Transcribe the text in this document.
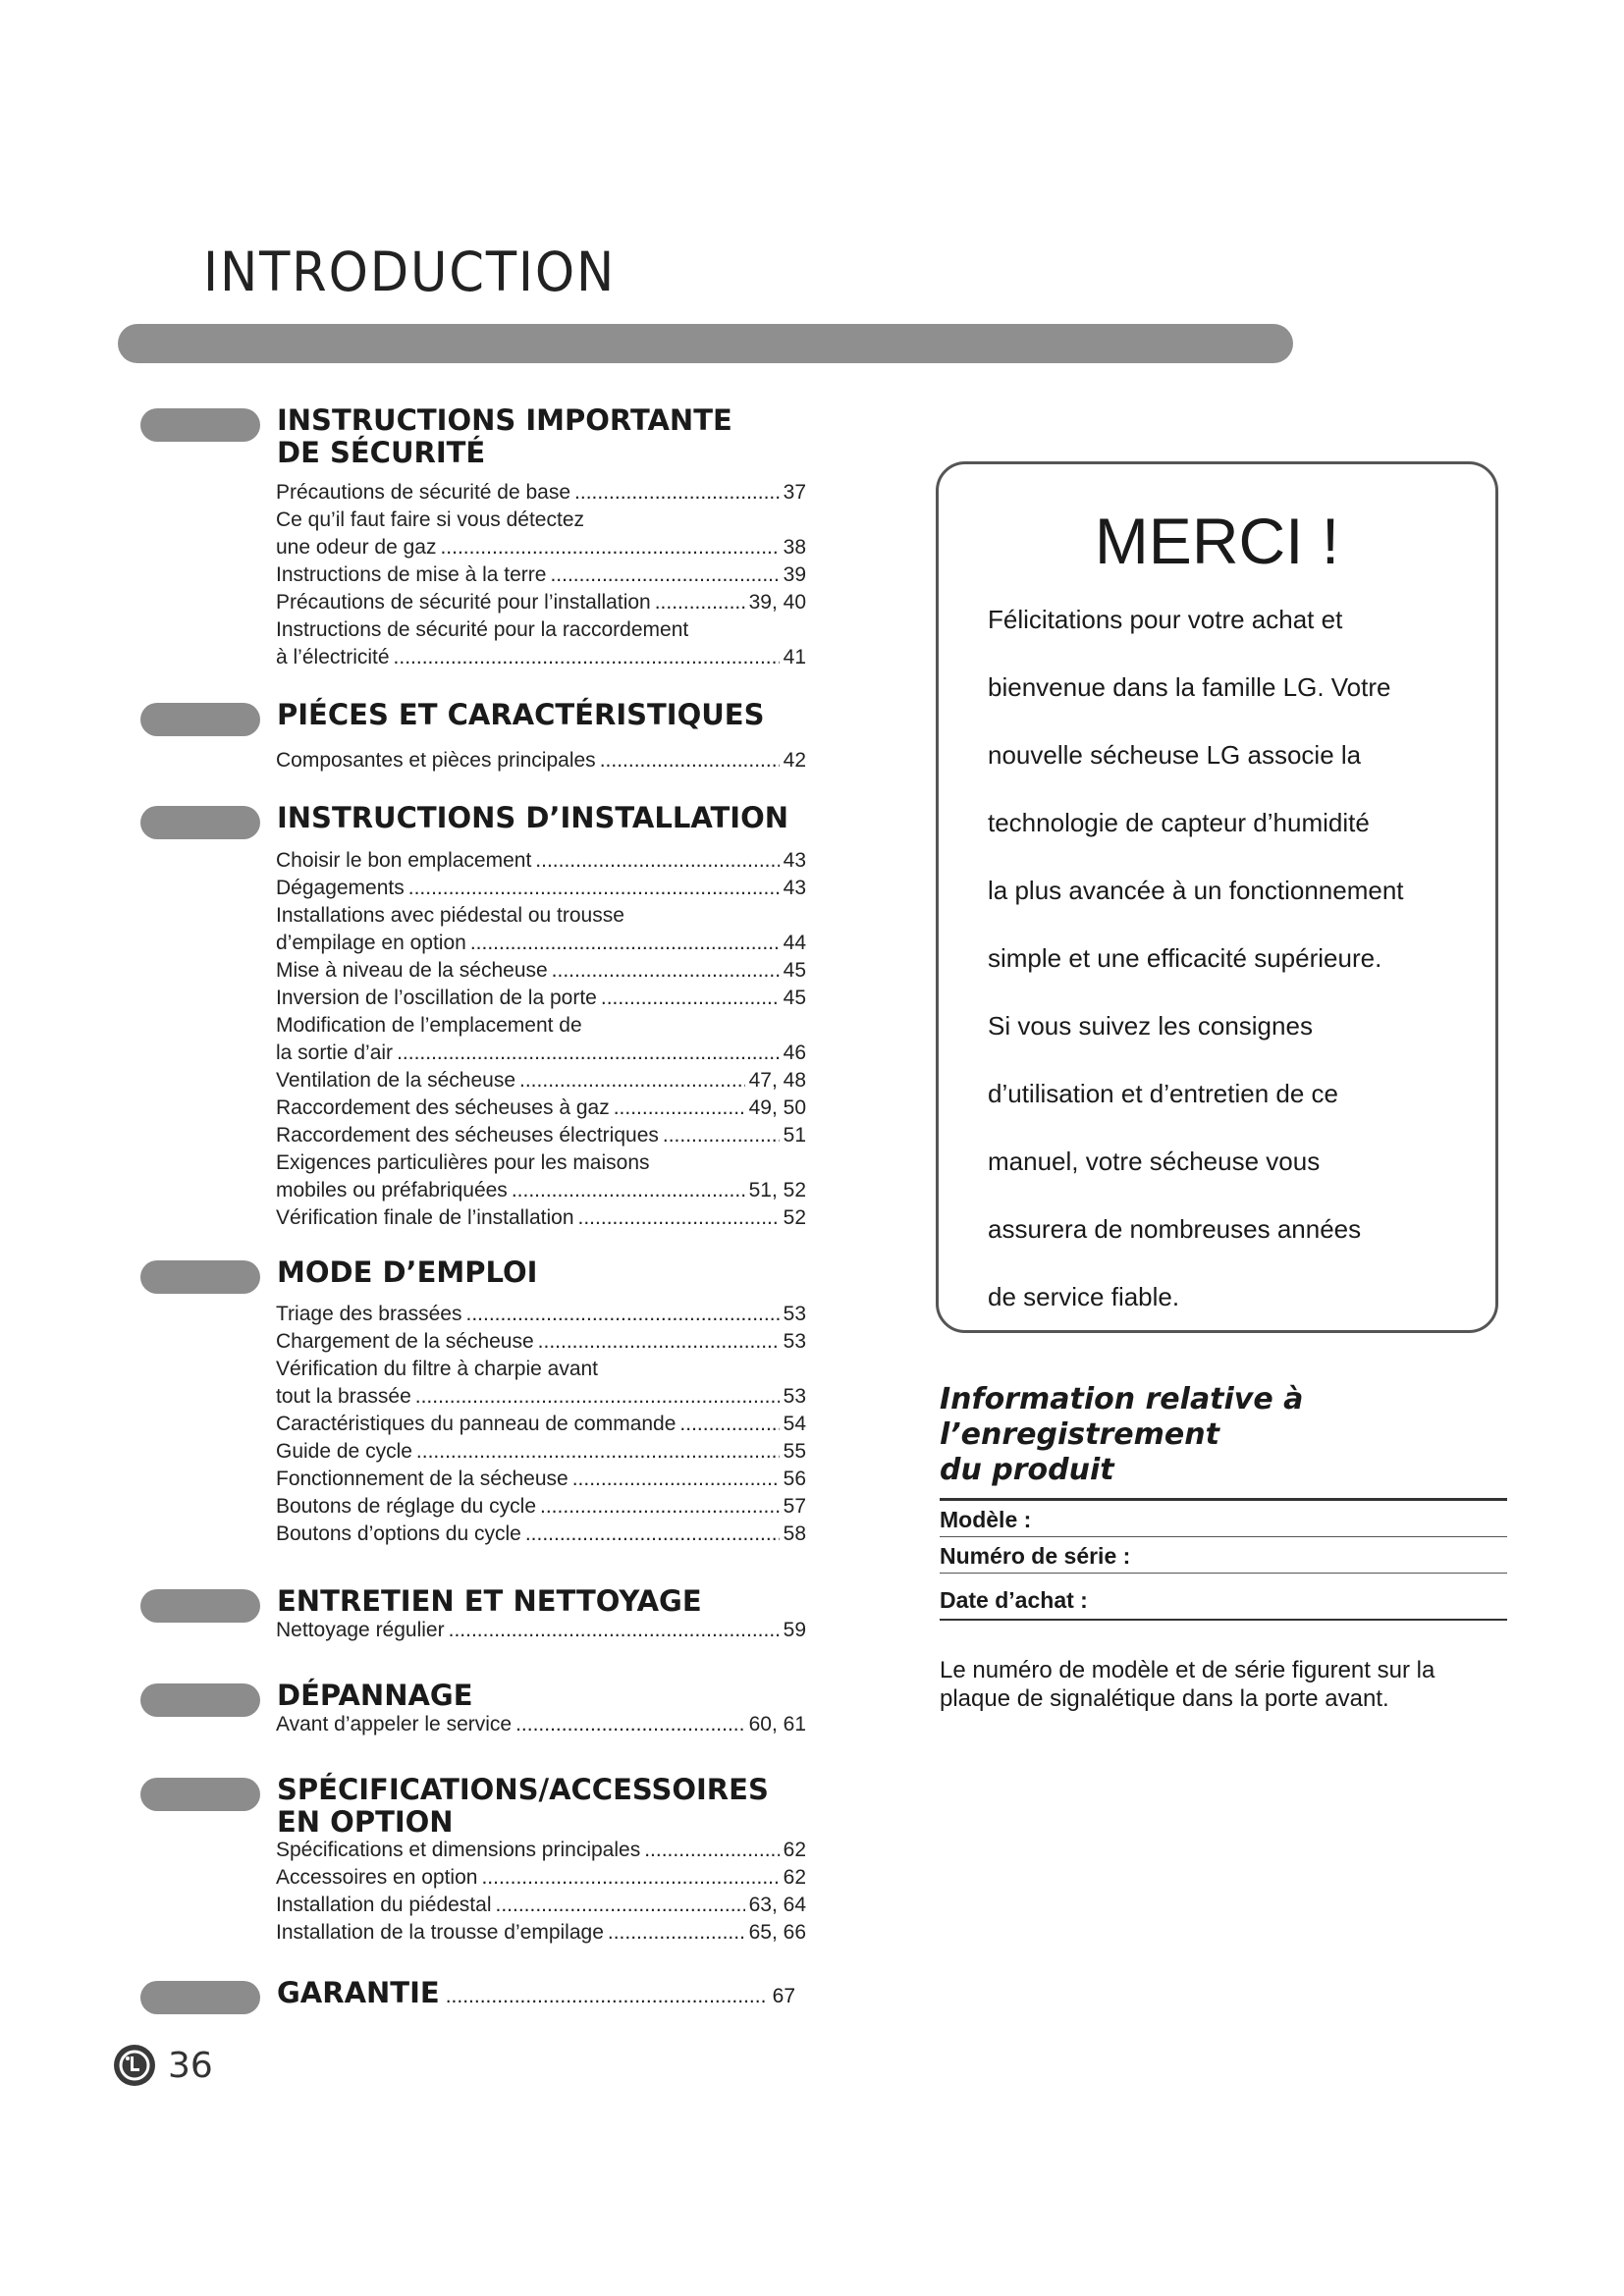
INTRODUCTION
INSTRUCTIONS IMPORTANTE
DE SÉCURITÉ
Précautions de sécurité de base .....	37
Ce qu’il faut faire si vous détectez
une odeur de gaz .....	38
Instructions de mise à la terre .....	39
Précautions de sécurité pour l’installation .....	39, 40
Instructions de sécurité pour la raccordement
à l’électricité .....	41
PIÉCES ET CARACTÉRISTIQUES
Composantes et pièces principales .....	42
INSTRUCTIONS D’INSTALLATION
Choisir le bon emplacement .....	43
Dégagements .....	43
Installations avec piédestal ou trousse
d’empilage en option .....	44
Mise à niveau de la sécheuse .....	45
Inversion de l’oscillation de la porte .....	45
Modification de l’emplacement de
la sortie d’air .....	46
Ventilation de la sécheuse .....	47, 48
Raccordement des sécheuses à gaz .....	49, 50
Raccordement des sécheuses électriques .....	51
Exigences particulières pour les maisons
mobiles ou préfabriquées .....	51, 52
Vérification finale de l’installation .....	52
MODE D’EMPLOI
Triage des brassées .....	53
Chargement de la sécheuse .....	53
Vérification du filtre à charpie avant
tout la brassée .....	53
Caractéristiques du panneau de commande .....	54
Guide de cycle .....	55
Fonctionnement de la sécheuse .....	56
Boutons de réglage du cycle .....	57
Boutons d’options du cycle .....	58
ENTRETIEN ET NETTOYAGE
Nettoyage régulier .....	59
DÉPANNAGE
Avant d’appeler le service .....	60, 61
SPÉCIFICATIONS/ACCESSOIRES
EN OPTION
Spécifications et dimensions principales .....	62
Accessoires en option .....	62
Installation du piédestal .....	63, 64
Installation de la trousse d’empilage .....	65, 66
GARANTIE .....	67
MERCI !
Félicitations pour votre achat et
bienvenue dans la famille LG. Votre
nouvelle sécheuse LG associe la
technologie de capteur d’humidité
la plus avancée à un fonctionnement
simple et une efficacité supérieure.
Si vous suivez les consignes
d’utilisation et d’entretien de ce
manuel, votre sécheuse vous
assurera de nombreuses années
de service fiable.
Information relative à l’enregistrement
du produit
Modèle :
Numéro de série :
Date d’achat :
Le numéro de modèle et de série figurent sur la
plaque de signalétique dans la porte avant.
36
